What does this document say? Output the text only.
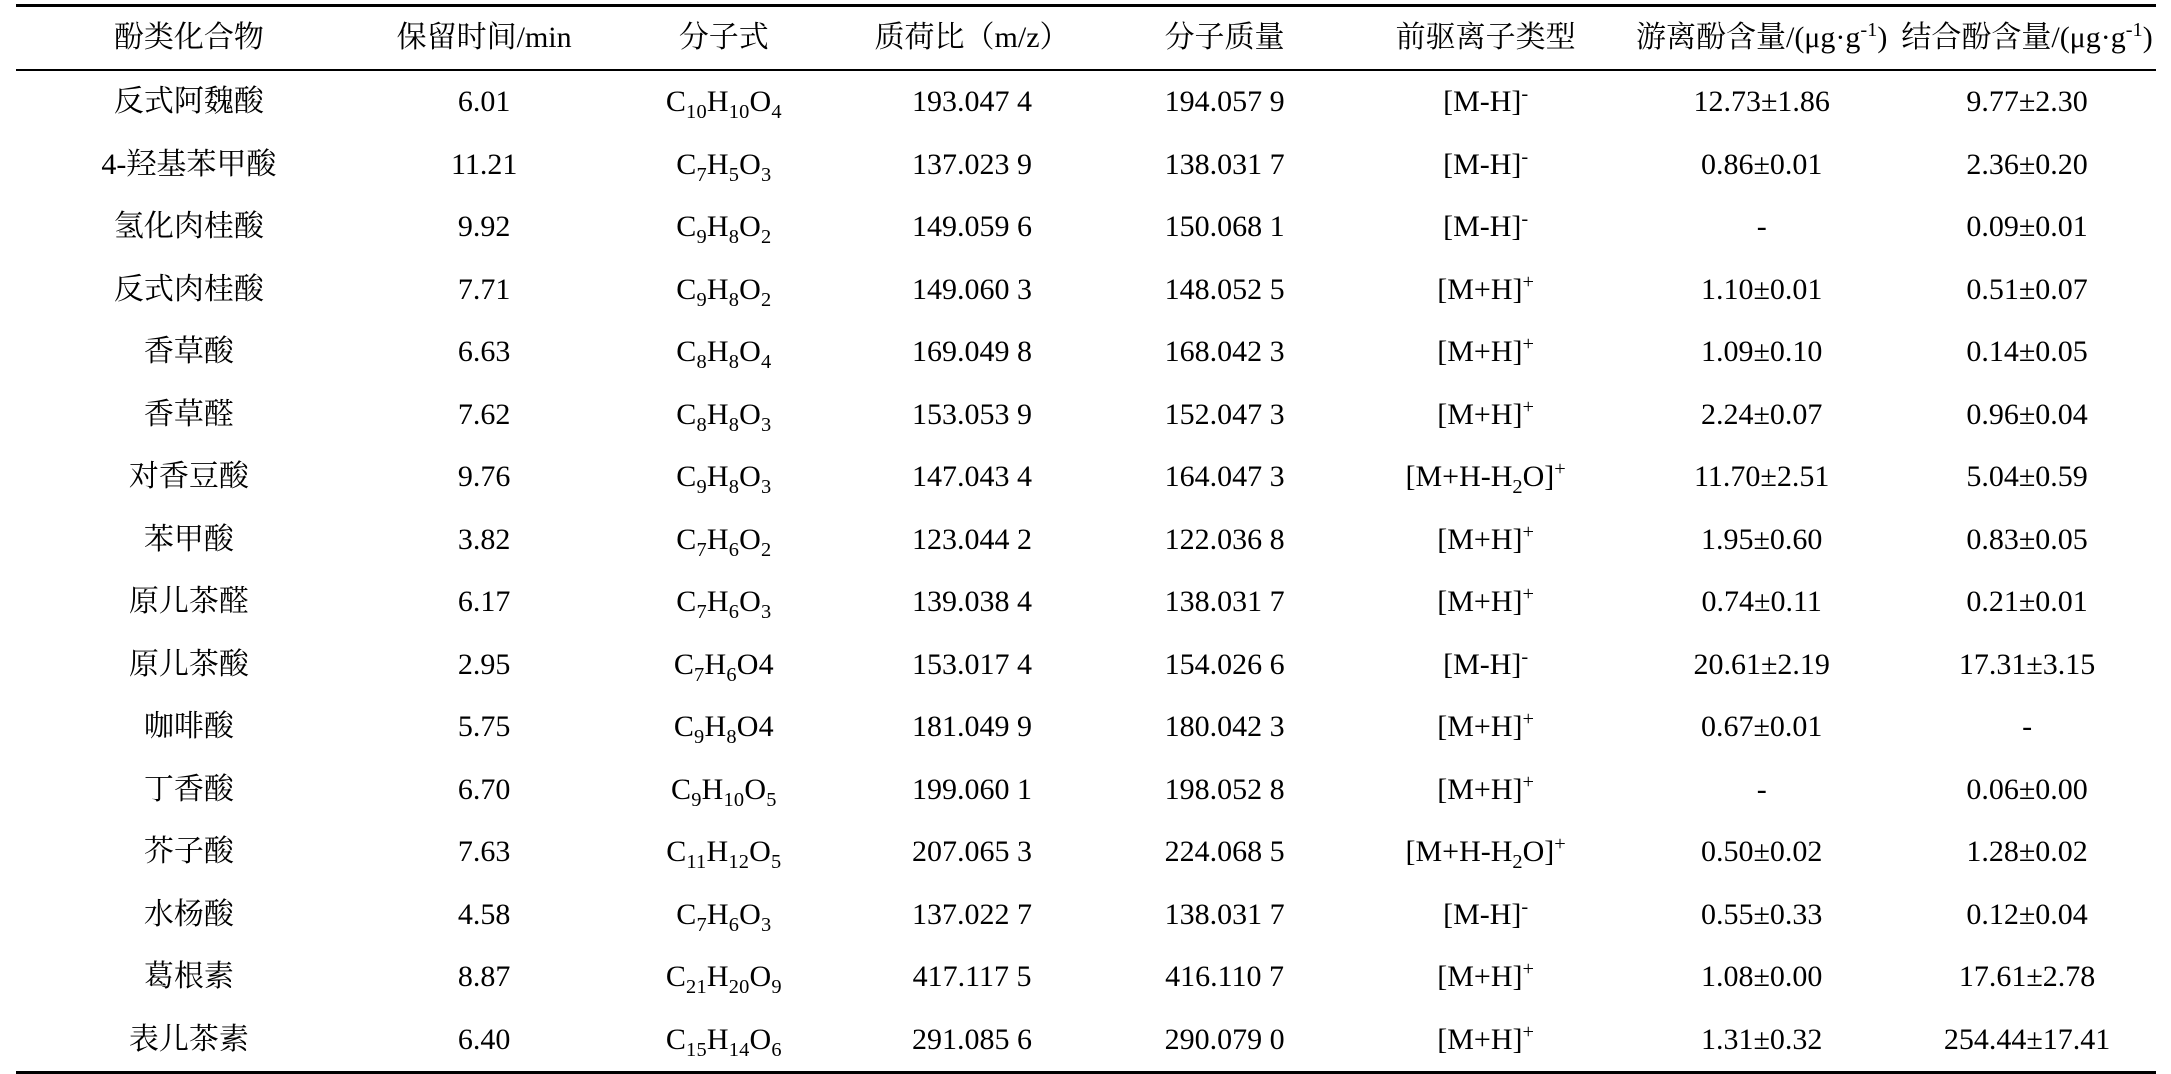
酚类化合物	保留时间/min	分子式	质荷比（m/z）	分子质量	前驱离子类型	游离酚含量$/(\mu g\cdot g^{-1})$	结合酚含量$/(\mu g\cdot g^{-1})$
反式阿魏酸	6.01	$C_{10}H_{10}O_4$	193.047 4	194.057 9	[M-H]-	12.73±1.86	9.77±2.30
4-羟基苯甲酸	11.21	$C_7H_5O_3$	137.023 9	138.031 7	[M-H]-	0.86±0.01	2.36±0.20
氢化肉桂酸	9.92	$C_9H_8O_2$	149.059 6	150.068 1	[M-H]-	-	0.09±0.01
反式肉桂酸	7.71	$C_9H_8O_2$	149.060 3	148.052 5	[M+H]+	1.10±0.01	0.51±0.07
香草酸	6.63	$C_8H_8O_4$	169.049 8	168.042 3	[M+H]+	1.09±0.10	0.14±0.05
香草醛	7.62	$C_8H_8O_3$	153.053 9	152.047 3	[M+H]+	2.24±0.07	0.96±0.04
对香豆酸	9.76	$C_9H_8O_3$	147.043 4	164.047 3	$[M+H-H_2O]^+$	11.70±2.51	5.04±0.59
苯甲酸	3.82	$C_7H_6O_2$	123.044 2	122.036 8	[M+H]+	1.95±0.60	0.83±0.05
原儿茶醛	6.17	$C_7H_6O_3$	139.038 4	138.031 7	[M+H]+	0.74±0.11	0.21±0.01
原儿茶酸	2.95	$C_7H_6O4$	153.017 4	154.026 6	[M-H]-	20.61±2.19	17.31±3.15
咖啡酸	5.75	$C_9H_8O4$	181.049 9	180.042 3	[M+H]+	0.67±0.01	-
丁香酸	6.70	$C_9H_{10}O_5$	199.060 1	198.052 8	[M+H]+	-	0.06±0.00
芥子酸	7.63	$C_{11}H_{12}O_5$	207.065 3	224.068 5	$[M+H-H_2O]^+$	0.50±0.02	1.28±0.02
水杨酸	4.58	$C_7H_6O_3$	137.022 7	138.031 7	[M-H]-	0.55±0.33	0.12±0.04
葛根素	8.87	$C_{21}H_{20}O_9$	417.117 5	416.110 7	[M+H]+	1.08±0.00	17.61±2.78
表儿茶素	6.40	$C_{15}H_{14}O_6$	291.085 6	290.079 0	[M+H]+	1.31±0.32	254.44±17.41
